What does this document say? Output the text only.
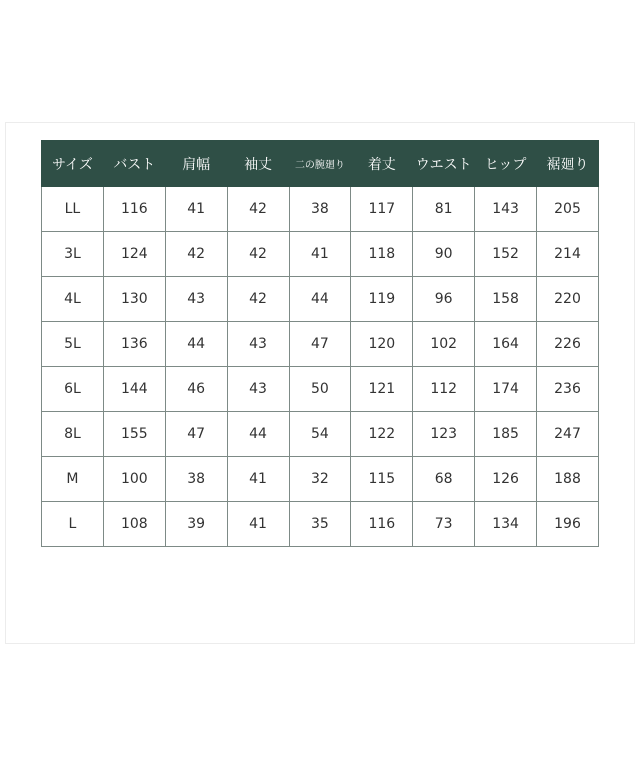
サイズ	バスト	肩幅	袖丈	二の腕廻り	着丈	ウエスト	ヒップ	裾廻り
LL	116	41	42	38	117	81	143	205
3L	124	42	42	41	118	90	152	214
4L	130	43	42	44	119	96	158	220
5L	136	44	43	47	120	102	164	226
6L	144	46	43	50	121	112	174	236
8L	155	47	44	54	122	123	185	247
M	100	38	41	32	115	68	126	188
L	108	39	41	35	116	73	134	196
